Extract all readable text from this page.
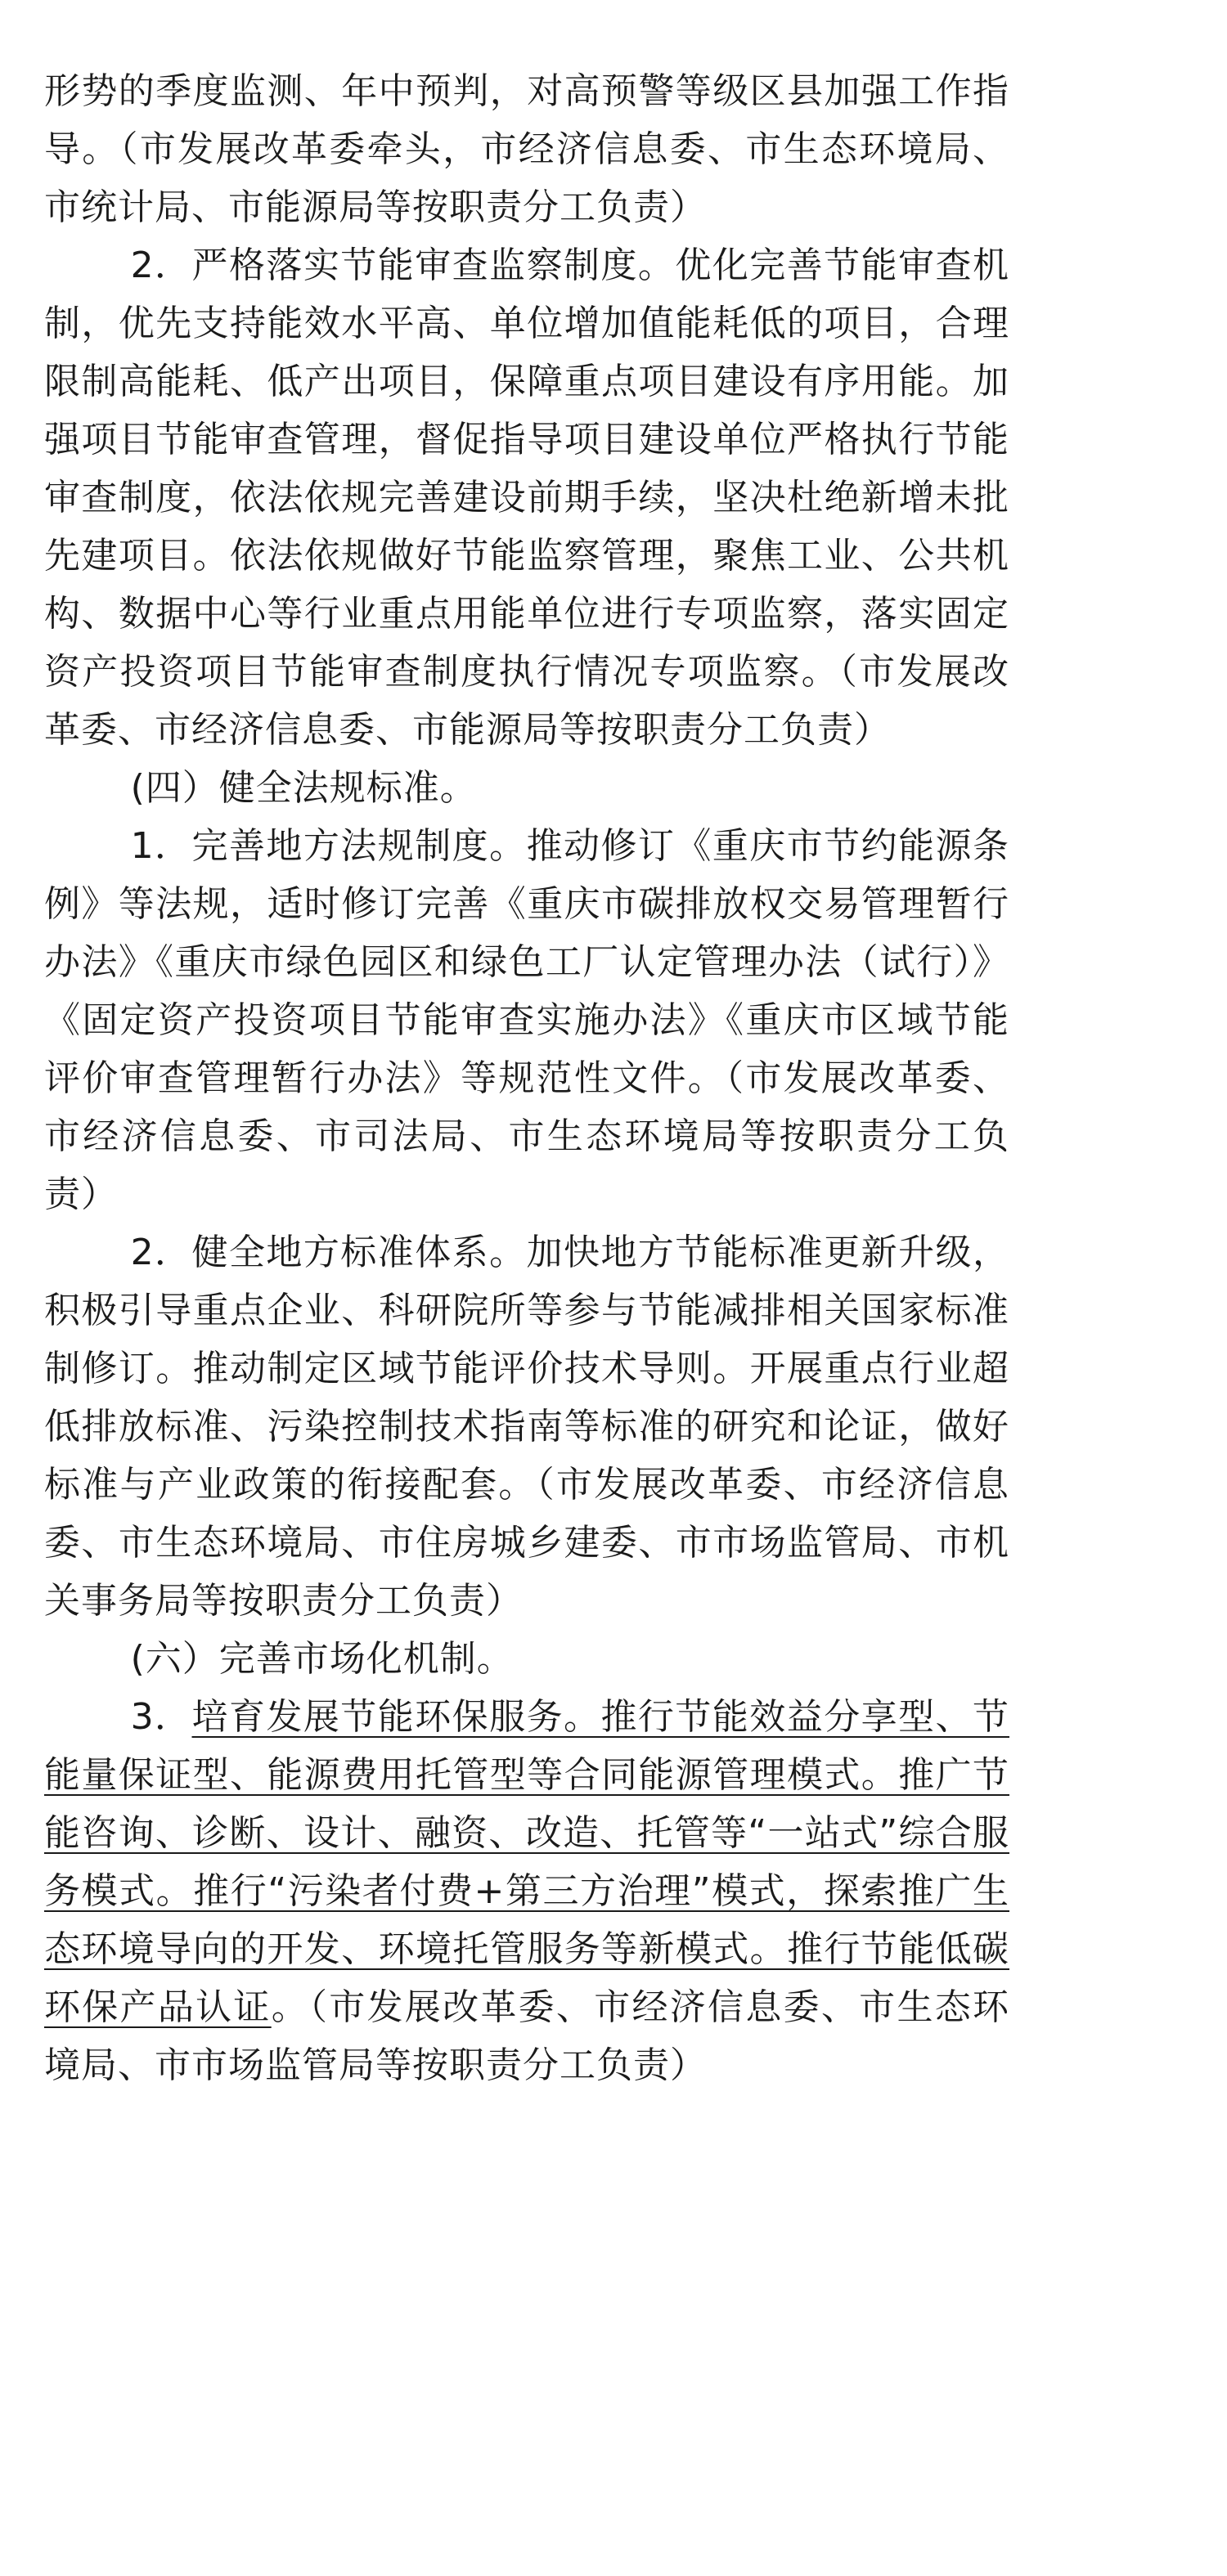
形势的季度监测、年中预判，对高预警等级区县加强工作指导。（市发展改革委牵头，市经济信息委、市生态环境局、市统计局、市能源局等按职责分工负责）

2．严格落实节能审查监察制度。优化完善节能审查机制，优先支持能效水平高、单位增加值能耗低的项目，合理限制高能耗、低产出项目，保障重点项目建设有序用能。加强项目节能审查管理，督促指导项目建设单位严格执行节能审查制度，依法依规完善建设前期手续，坚决杜绝新增未批先建项目。依法依规做好节能监察管理，聚焦工业、公共机构、数据中心等行业重点用能单位进行专项监察，落实固定资产投资项目节能审查制度执行情况专项监察。（市发展改革委、市经济信息委、市能源局等按职责分工负责）

(四）健全法规标准。

1．完善地方法规制度。推动修订《重庆市节约能源条例》等法规，适时修订完善《重庆市碳排放权交易管理暂行办法》《重庆市绿色园区和绿色工厂认定管理办法（试行）》《固定资产投资项目节能审查实施办法》《重庆市区域节能评价审查管理暂行办法》等规范性文件。（市发展改革委、市经济信息委、市司法局、市生态环境局等按职责分工负责）

2．健全地方标准体系。加快地方节能标准更新升级，积极引导重点企业、科研院所等参与节能减排相关国家标准制修订。推动制定区域节能评价技术导则。开展重点行业超低排放标准、污染控制技术指南等标准的研究和论证，做好标准与产业政策的衔接配套。（市发展改革委、市经济信息委、市生态环境局、市住房城乡建委、市市场监管局、市机关事务局等按职责分工负责）

(六）完善市场化机制。

3．培育发展节能环保服务。推行节能效益分享型、节能量保证型、能源费用托管型等合同能源管理模式。推广节能咨询、诊断、设计、融资、改造、托管等“一站式”综合服务模式。推行“污染者付费+第三方治理”模式，探索推广生态环境导向的开发、环境托管服务等新模式。推行节能低碳环保产品认证。（市发展改革委、市经济信息委、市生态环境局、市市场监管局等按职责分工负责）
